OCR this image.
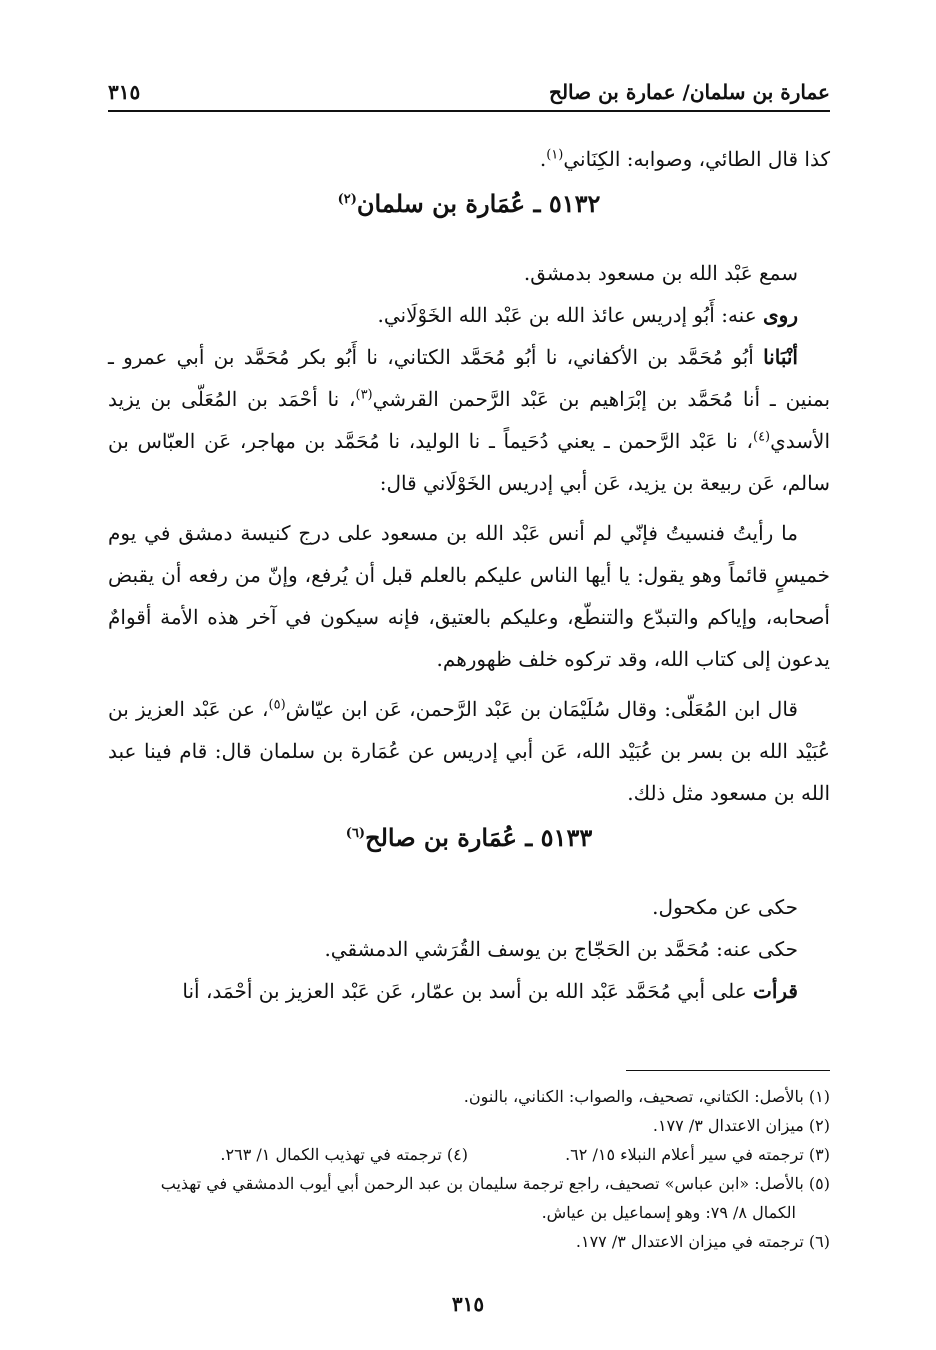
عمارة بن سلمان/ عمارة بن صالح
٣١٥

كذا قال الطائي، وصوابه: الكِنَاني$^{(١)}$.

٥١٣٢ ـ عُمَارة بن سلمان$^{(٢)}$

سمع عَبْد الله بن مسعود بدمشق.

روى عنه: أَبُو إدريس عائذ الله بن عَبْد الله الخَوْلَاني.

أنْبَانا أبُو مُحَمَّد بن الأكفاني، نا أبُو مُحَمَّد الكتاني، نا أَبُو بكر مُحَمَّد بن أبي عمرو ـ بمنين ـ أنا مُحَمَّد بن إبْرَاهيم بن عَبْد الرَّحمن القرشي$^{(٣)}$، نا أحْمَد بن المُعَلّى بن يزيد الأسدي$^{(٤)}$، نا عَبْد الرَّحمن ـ يعني دُحَيماً ـ نا الوليد، نا مُحَمَّد بن مهاجر، عَن العبّاس بن سالم، عَن ربيعة بن يزيد، عَن أبي إدريس الخَوْلَاني قال:

ما رأيتُ فنسيتُ فإنّي لم أنس عَبْد الله بن مسعود على درج كنيسة دمشق في يوم خميسٍ قائماً وهو يقول: يا أيها الناس عليكم بالعلم قبل أن يُرفع، وإنّ من رفعه أن يقبض أصحابه، وإياكم والتبدّع والتنطّع، وعليكم بالعتيق، فإنه سيكون في آخر هذه الأمة أقوامٌ يدعون إلى كتاب الله، وقد تركوه خلف ظهورهم.

قال ابن المُعَلّى: وقال سُلَيْمَان بن عَبْد الرَّحمن، عَن ابن عيّاش$^{(٥)}$، عن عَبْد العزيز بن عُبَيْد الله بن بسر بن عُبَيْد الله، عَن أبي إدريس عن عُمَارة بن سلمان قال: قام فينا عبد الله بن مسعود مثل ذلك.

٥١٣٣ ـ عُمَارة بن صالح$^{(٦)}$

حكى عن مكحول.

حكى عنه: مُحَمَّد بن الحَجّاج بن يوسف القُرَشي الدمشقي.

قرأت على أبي مُحَمَّد عَبْد الله بن أسد بن عمّار، عَن عَبْد العزيز بن أحْمَد، أنا

(١) بالأصل: الكتاني، تصحيف، والصواب: الكناني، بالنون.

(٢) ميزان الاعتدال ٣/ ١٧٧.

(٣) ترجمته في سير أعلام النبلاء ١٥/ ٦٢.
(٤) ترجمته في تهذيب الكمال ١/ ٢٦٣.

(٥) بالأصل: «ابن عباس» تصحيف، راجع ترجمة سليمان بن عبد الرحمن أبي أيوب الدمشقي في تهذيب

الكمال ٨/ ٧٩: وهو إسماعيل بن عياش.

(٦) ترجمته في ميزان الاعتدال ٣/ ١٧٧.

٣١٥
